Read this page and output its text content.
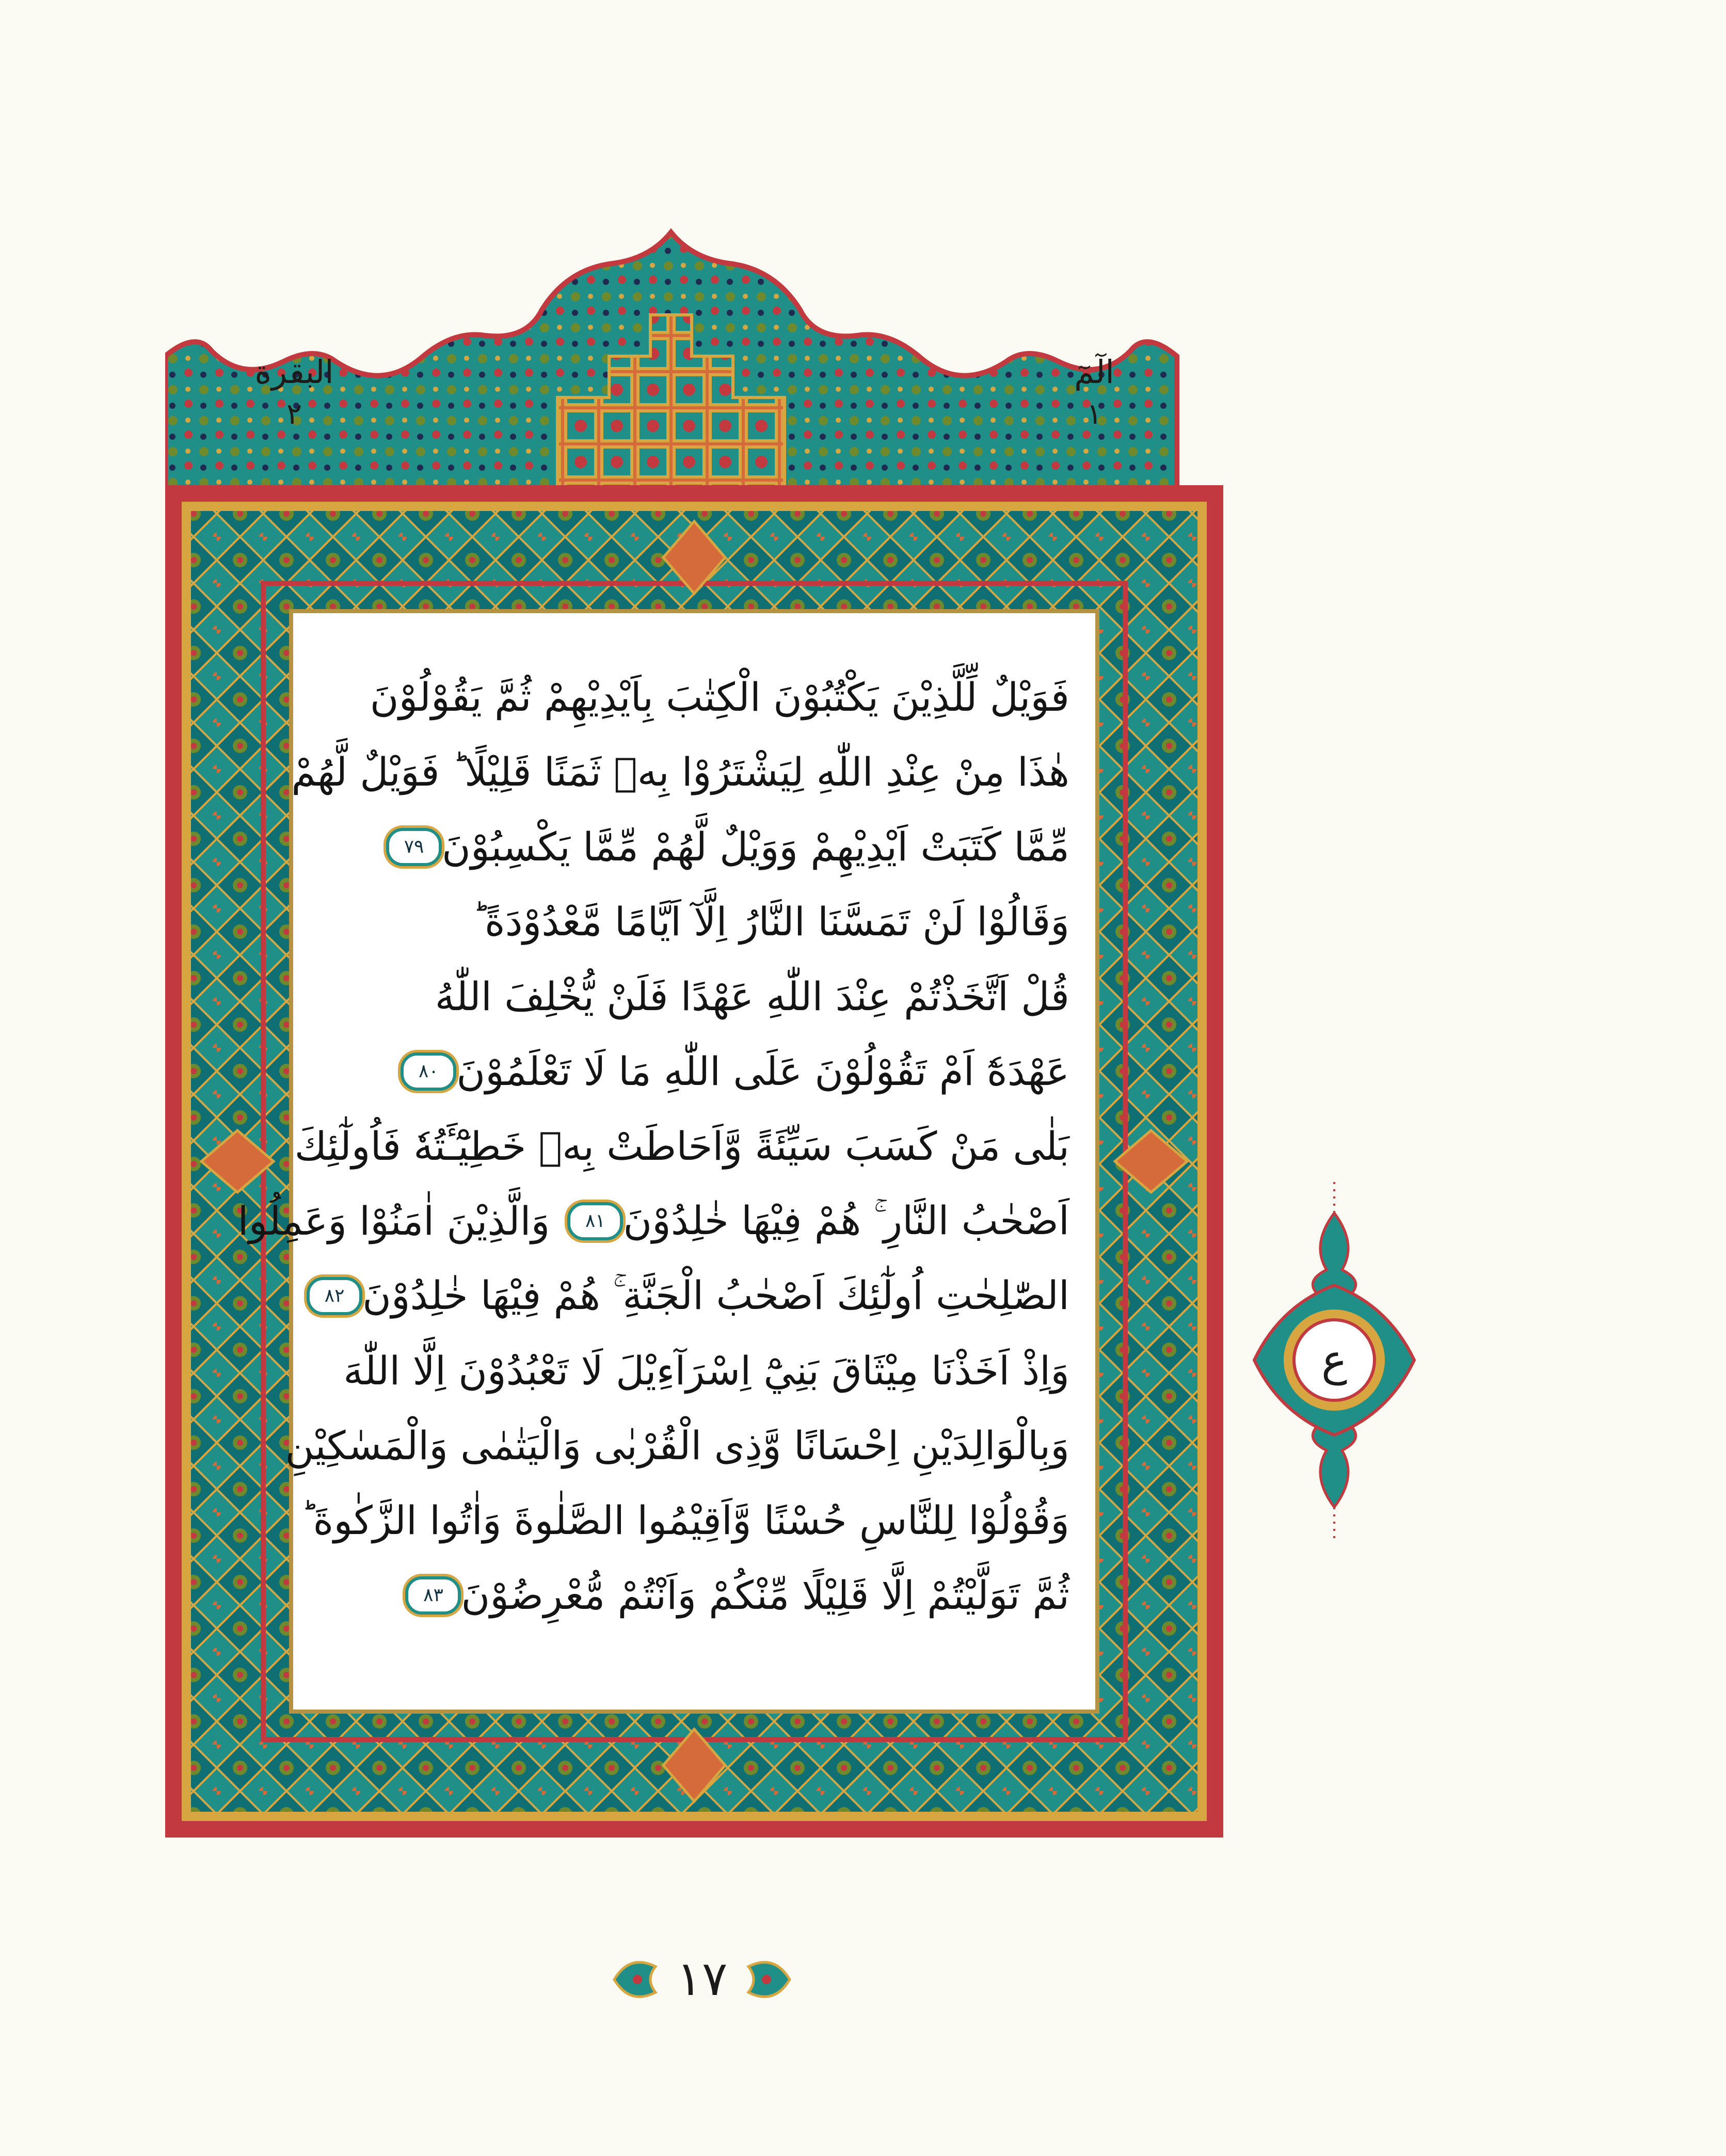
البقرة
٢
الٓمٓ
١
فَوَيْلٌ لِّلَّذِيْنَ يَكْتُبُوْنَ الْكِتٰبَ بِاَيْدِيْهِمْ ثُمَّ يَقُوْلُوْنَ
هٰذَا مِنْ عِنْدِ اللّٰهِ لِيَشْتَرُوْا بِهٖ ثَمَنًا قَلِيْلًا ؕ فَوَيْلٌ لَّهُمْ
مِّمَّا كَتَبَتْ اَيْدِيْهِمْ وَوَيْلٌ لَّهُمْ مِّمَّا يَكْسِبُوْنَ
٧٩
وَقَالُوْا لَنْ تَمَسَّنَا النَّارُ اِلَّآ اَيَّامًا مَّعْدُوْدَةً ؕ
قُلْ اَتَّخَذْتُمْ عِنْدَ اللّٰهِ عَهْدًا فَلَنْ يُّخْلِفَ اللّٰهُ
عَهْدَهٗٓ اَمْ تَقُوْلُوْنَ عَلَى اللّٰهِ مَا لَا تَعْلَمُوْنَ
٨٠
بَلٰى مَنْ كَسَبَ سَيِّئَةً وَّاَحَاطَتْ بِهٖ خَطِيْٓـَٔتُهٗ فَاُولٰٓئِكَ
اَصْحٰبُ النَّارِ ۚ هُمْ فِيْهَا خٰلِدُوْنَ
٨١
وَالَّذِيْنَ اٰمَنُوْا وَعَمِلُوا
الصّٰلِحٰتِ اُولٰٓئِكَ اَصْحٰبُ الْجَنَّةِ ۚ هُمْ فِيْهَا خٰلِدُوْنَ
٨٢
وَاِذْ اَخَذْنَا مِيْثَاقَ بَنِيْٓ اِسْرَآءِيْلَ لَا تَعْبُدُوْنَ اِلَّا اللّٰهَ
وَبِالْوَالِدَيْنِ اِحْسَانًا وَّذِى الْقُرْبٰى وَالْيَتٰمٰى وَالْمَسٰكِيْنِ
وَقُوْلُوْا لِلنَّاسِ حُسْنًا وَّاَقِيْمُوا الصَّلٰوةَ وَاٰتُوا الزَّكٰوةَ ؕ
ثُمَّ تَوَلَّيْتُمْ اِلَّا قَلِيْلًا مِّنْكُمْ وَاَنْتُمْ مُّعْرِضُوْنَ
٨٣
ع
١٧
